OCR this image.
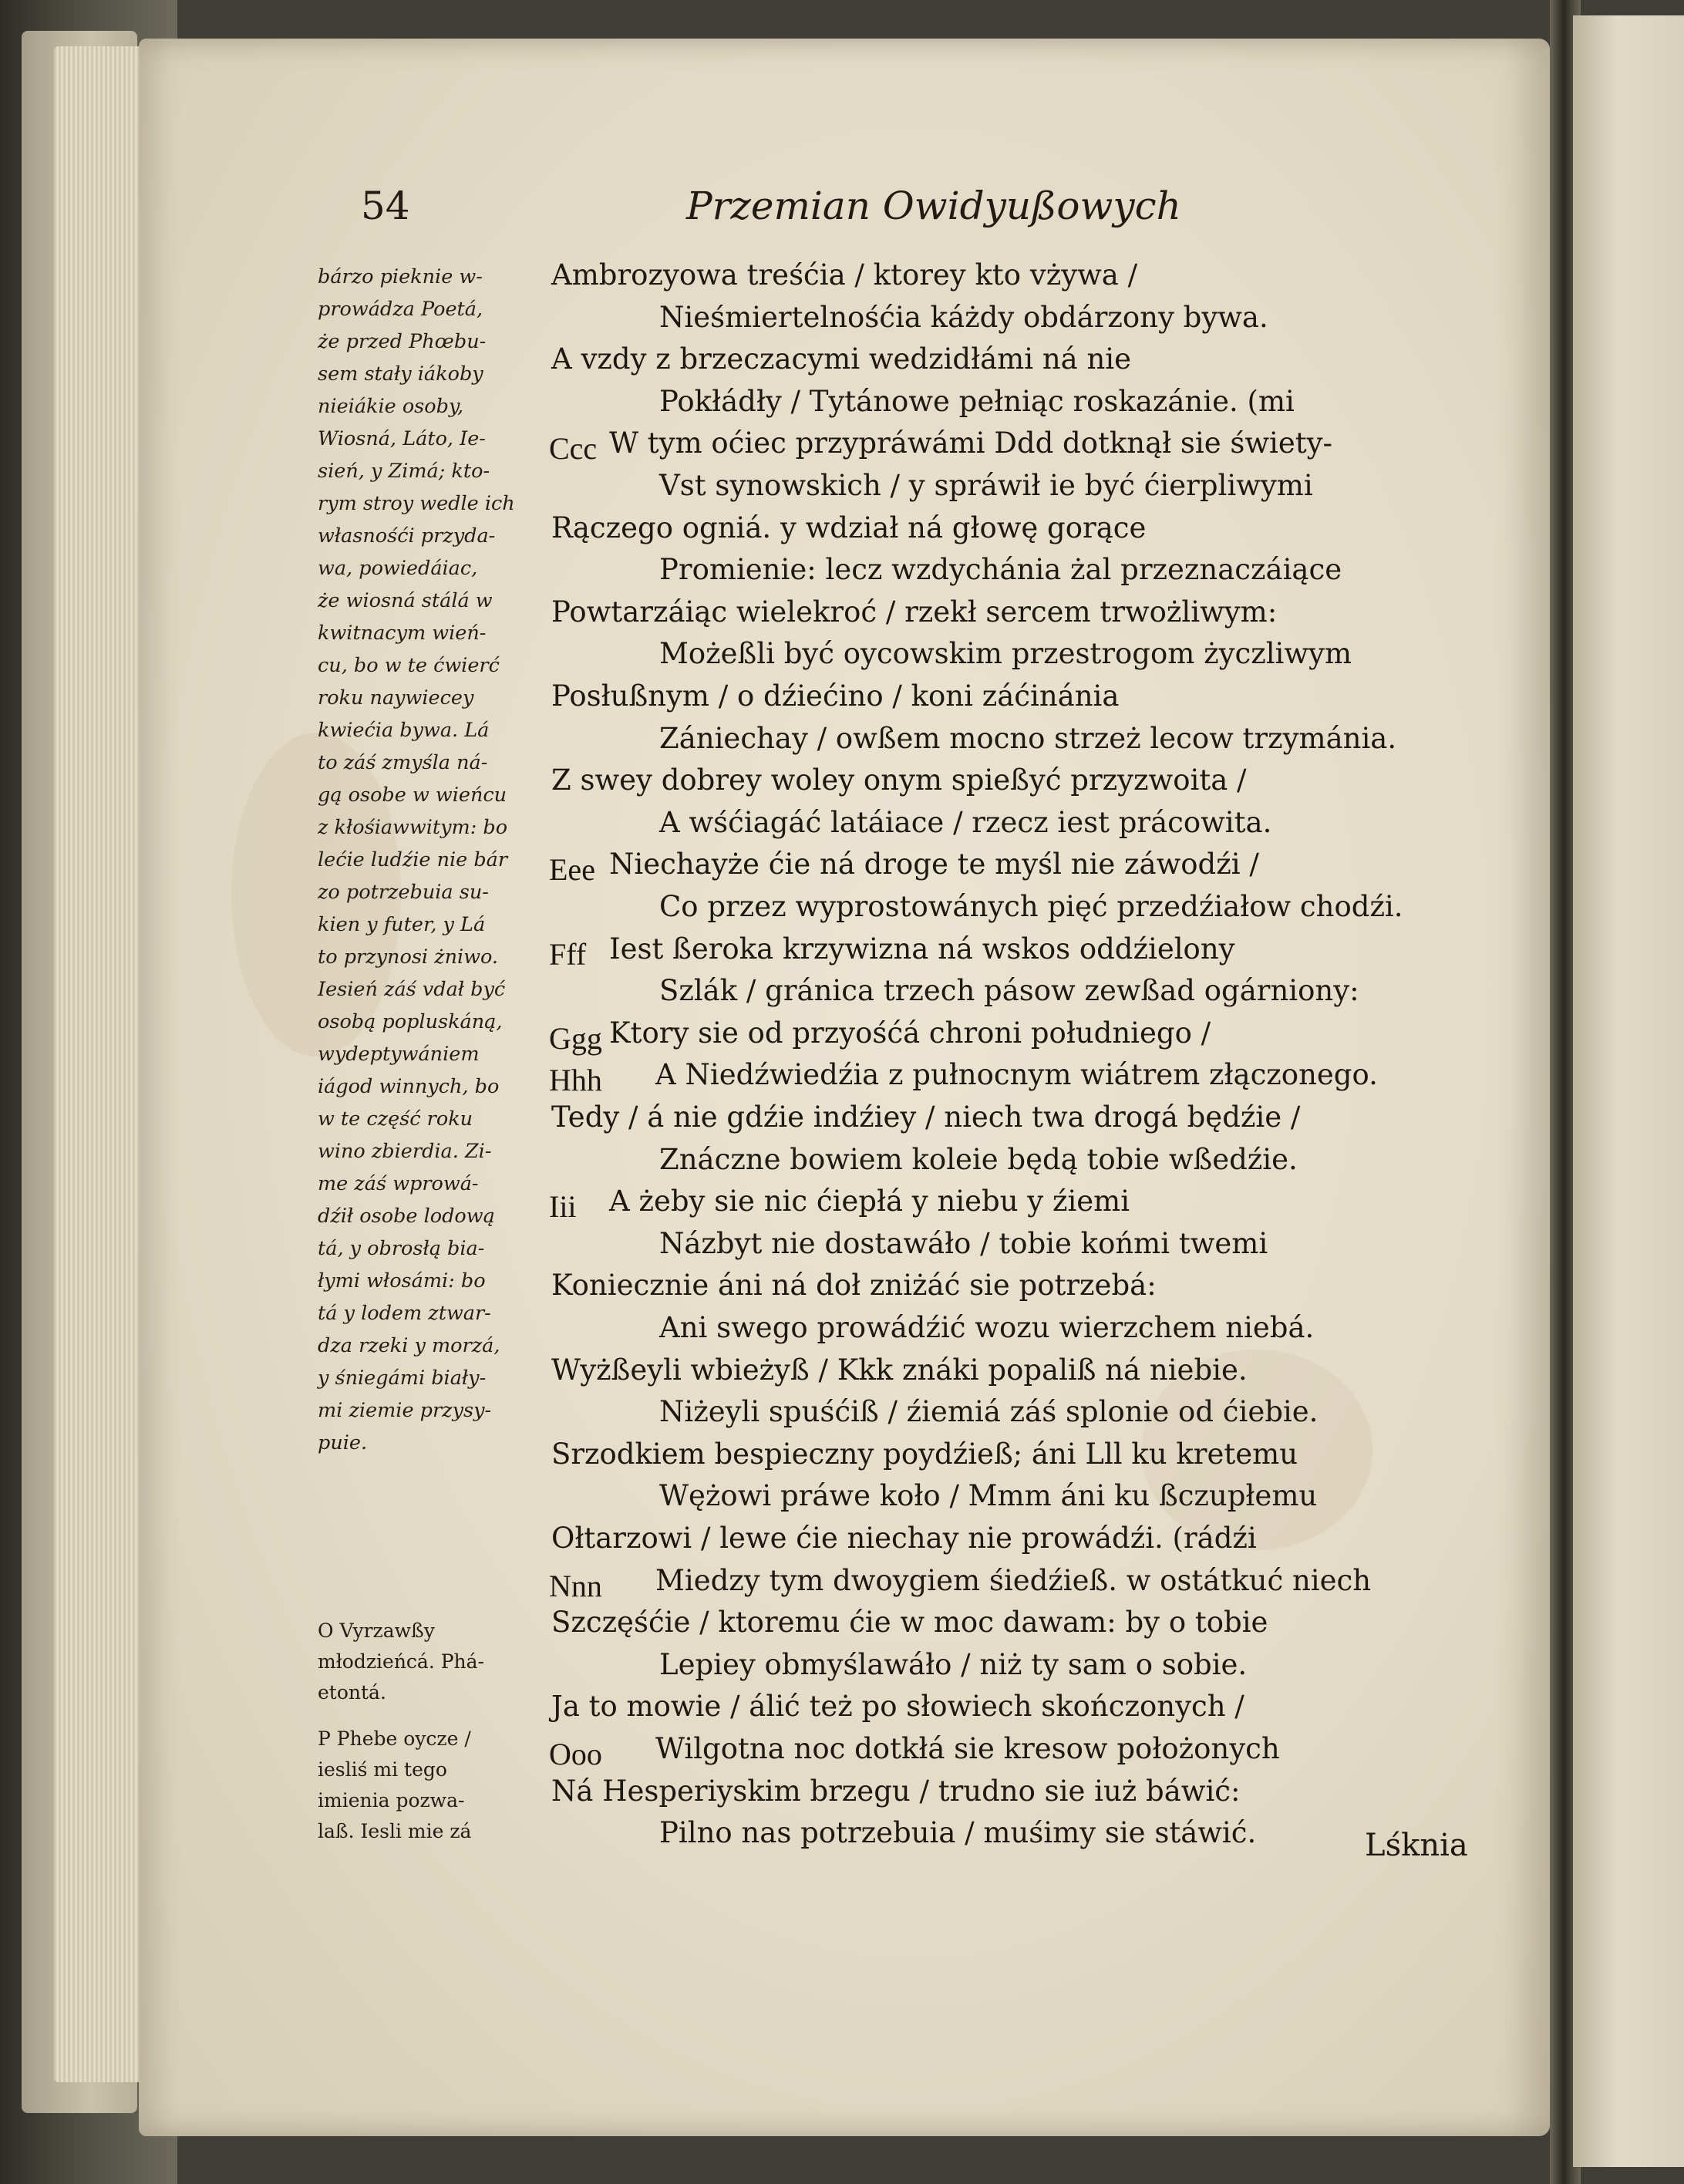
54	Przemian Owidyußowych
bárzo pieknie w-
prowádza Poetá,
że przed Phœbu-
sem stały iákoby
nieiákie osoby,
Wiosná, Láto, Ie-
sień, y Zimá; kto-
rym stroy wedle ich
własnośći przyda-
wa, powiedáiac,
że wiosná stálá w
kwitnacym wień-
cu, bo w te ćwierć
roku naywiecey
kwiećia bywa. Lá
to záś zmyśla ná-
gą osobe w wieńcu
z kłośiawwitym: bo
lećie ludźie nie bár
zo potrzebuia su-
kien y futer, y Lá
to przynosi żniwo.
Iesień záś vdał być
osobą popluskáną,
wydeptywániem
iágod winnych, bo
w te część roku
wino zbierdia. Zi-
me záś wprowá-
dźił osobe lodową
tá, y obrosłą bia-
łymi włosámi: bo
tá y lodem ztwar-
dza rzeki y morzá,
y śniegámi biały-
mi ziemie przysy-
puie.
O Vyrzawßy
młodzieńcá. Phá-
etontá.
P Phebe oycze /
iesliś mi tego
imienia pozwa-
laß. Iesli mie zá
Ambrozyowa treśćia / ktorey kto vżywa /
Nieśmiertelnośćia káżdy obdárzony bywa.
A vzdy z brzeczacymi wedzidłámi ná nie
Pokłádły / Tytánowe pełniąc roskazánie. (mi
Ccc W tym oćiec przypráwámi Ddd dotknął sie świety-
Vst synowskich / y spráwił ie być ćierpliwymi
Rączego ogniá. y wdział ná głowę gorące
Promienie: lecz wzdychánia żal przeznaczáiące
Powtarzáiąc wielekroć / rzekł sercem trwożliwym:
Możeßli być oycowskim przestrogom życzliwym
Posłußnym / o dźiećino / koni záćinánia
Zániechay / owßem mocno strzeż lecow trzymánia.
Z swey dobrey woley onym spießyć przyzwoita /
A wśćiagáć latáiace / rzecz iest prácowita.
Eee Niechayże ćie ná droge te myśl nie záwodźi /
Co przez wyprostowánych pięć przedźiałow chodźi.
Fff Iest ßeroka krzywizna ná wskos oddźielony
Szlák / gránica trzech pásow zewßad ogárniony:
Ggg Ktory sie od przyośćá chroni południego /
Hhh A Niedźwiedźia z pułnocnym wiátrem złączonego.
Tedy / á nie gdźie indźiey / niech twa drogá będźie /
Znáczne bowiem koleie będą tobie wßedźie.
Iii A żeby sie nic ćiepłá y niebu y źiemi
Názbyt nie dostawáło / tobie końmi twemi
Koniecznie áni ná doł zniżáć sie potrzebá:
Ani swego prowádźić wozu wierzchem niebá.
Wyżßeyli wbieżyß / Kkk znáki popaliß ná niebie.
Niżeyli spuśćiß / źiemiá záś splonie od ćiebie.
Srzodkiem bespieczny poydźieß; áni Lll ku kretemu
Wężowi práwe koło / Mmm áni ku ßczupłemu
Ołtarzowi / lewe ćie niechay nie prowádźi. (rádźi
Nnn Miedzy tym dwoygiem śiedźieß. w ostátkuć niech
Szczęśćie / ktoremu ćie w moc dawam: by o tobie
Lepiey obmyślawáło / niż ty sam o sobie.
Ja to mowie / álić też po słowiech skończonych /
Ooo Wilgotna noc dotkłá sie kresow położonych
Ná Hesperiyskim brzegu / trudno sie iuż báwić:
Pilno nas potrzebuia / muśimy sie stáwić.	Lśknia
